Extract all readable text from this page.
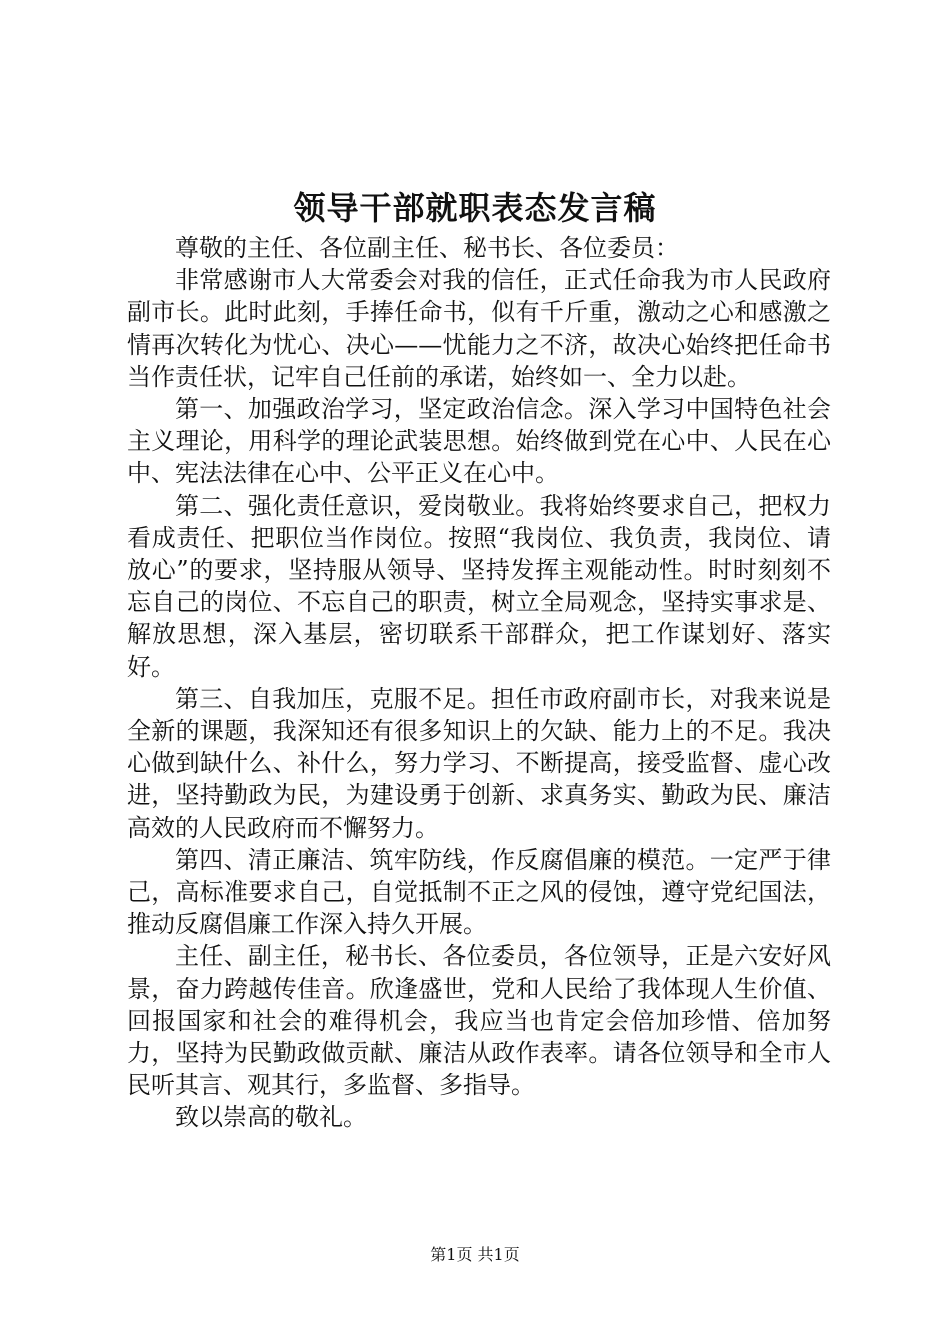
领导干部就职表态发言稿

尊敬的主任、各位副主任、秘书长、各位委员：

非常感谢市人大常委会对我的信任，正式任命我为市人民政府副市长。此时此刻，手捧任命书，似有千斤重，激动之心和感激之情再次转化为忧心、决心——忧能力之不济，故决心始终把任命书当作责任状，记牢自己任前的承诺，始终如一、全力以赴。

第一、加强政治学习，坚定政治信念。深入学习中国特色社会主义理论，用科学的理论武装思想。始终做到党在心中、人民在心中、宪法法律在心中、公平正义在心中。

第二、强化责任意识，爱岗敬业。我将始终要求自己，把权力看成责任、把职位当作岗位。按照“我岗位、我负责，我岗位、请放心”的要求，坚持服从领导、坚持发挥主观能动性。时时刻刻不忘自己的岗位、不忘自己的职责，树立全局观念，坚持实事求是、解放思想，深入基层，密切联系干部群众，把工作谋划好、落实好。

第三、自我加压，克服不足。担任市政府副市长，对我来说是全新的课题，我深知还有很多知识上的欠缺、能力上的不足。我决心做到缺什么、补什么，努力学习、不断提高，接受监督、虚心改进，坚持勤政为民，为建设勇于创新、求真务实、勤政为民、廉洁高效的人民政府而不懈努力。

第四、清正廉洁、筑牢防线，作反腐倡廉的模范。一定严于律己，高标准要求自己，自觉抵制不正之风的侵蚀，遵守党纪国法，推动反腐倡廉工作深入持久开展。

主任、副主任，秘书长、各位委员，各位领导，正是六安好风景，奋力跨越传佳音。欣逢盛世，党和人民给了我体现人生价值、回报国家和社会的难得机会，我应当也肯定会倍加珍惜、倍加努力，坚持为民勤政做贡献、廉洁从政作表率。请各位领导和全市人民听其言、观其行，多监督、多指导。

致以崇高的敬礼。

第1页 共1页
